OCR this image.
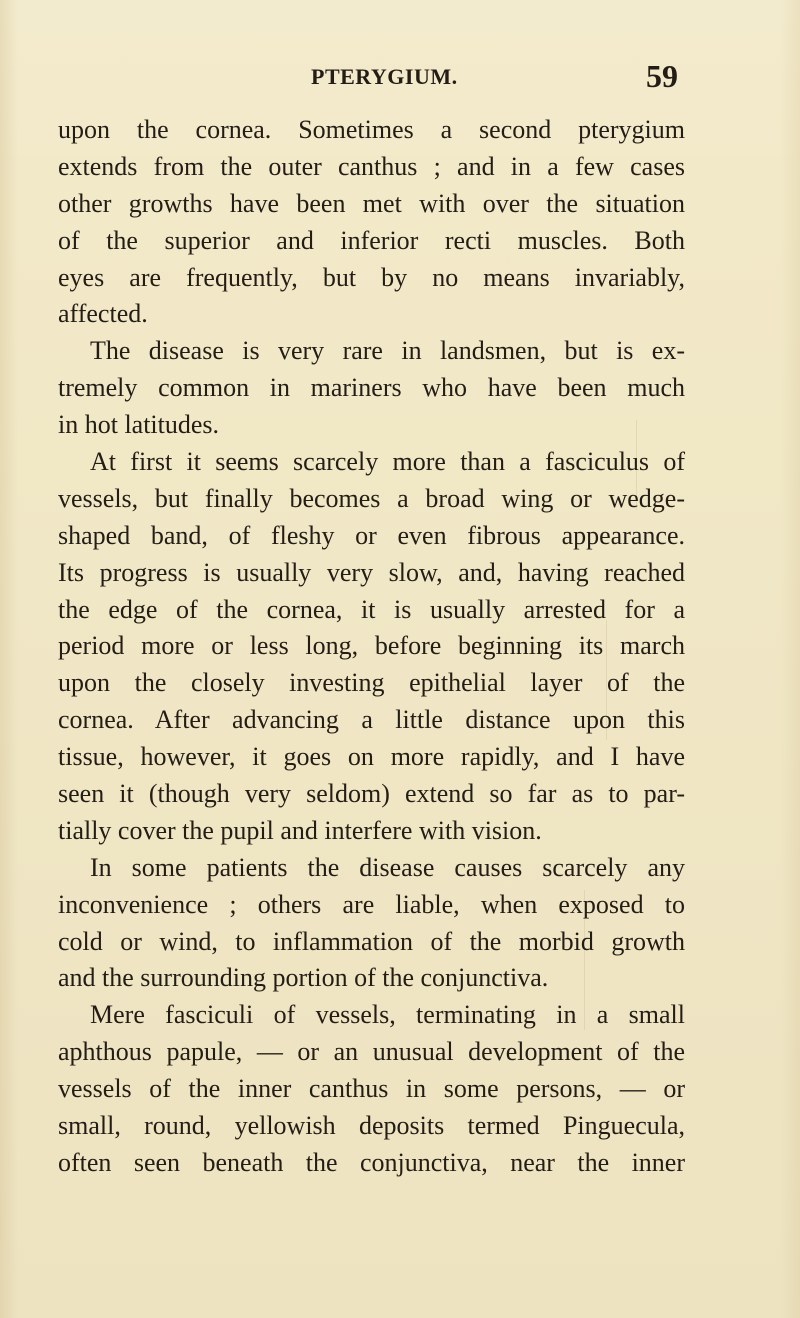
PTERYGIUM.	59
upon the cornea. Sometimes a second pterygium
extends from the outer canthus ; and in a few cases
other growths have been met with over the situation
of the superior and inferior recti muscles. Both
eyes are frequently, but by no means invariably,
affected.
The disease is very rare in landsmen, but is ex-
tremely common in mariners who have been much
in hot latitudes.
At first it seems scarcely more than a fasciculus of
vessels, but finally becomes a broad wing or wedge-
shaped band, of fleshy or even fibrous appearance.
Its progress is usually very slow, and, having reached
the edge of the cornea, it is usually arrested for a
period more or less long, before beginning its march
upon the closely investing epithelial layer of the
cornea. After advancing a little distance upon this
tissue, however, it goes on more rapidly, and I have
seen it (though very seldom) extend so far as to par-
tially cover the pupil and interfere with vision.
In some patients the disease causes scarcely any
inconvenience ; others are liable, when exposed to
cold or wind, to inflammation of the morbid growth
and the surrounding portion of the conjunctiva.
Mere fasciculi of vessels, terminating in a small
aphthous papule, — or an unusual development of the
vessels of the inner canthus in some persons, — or
small, round, yellowish deposits termed Pinguecula,
often seen beneath the conjunctiva, near the inner
